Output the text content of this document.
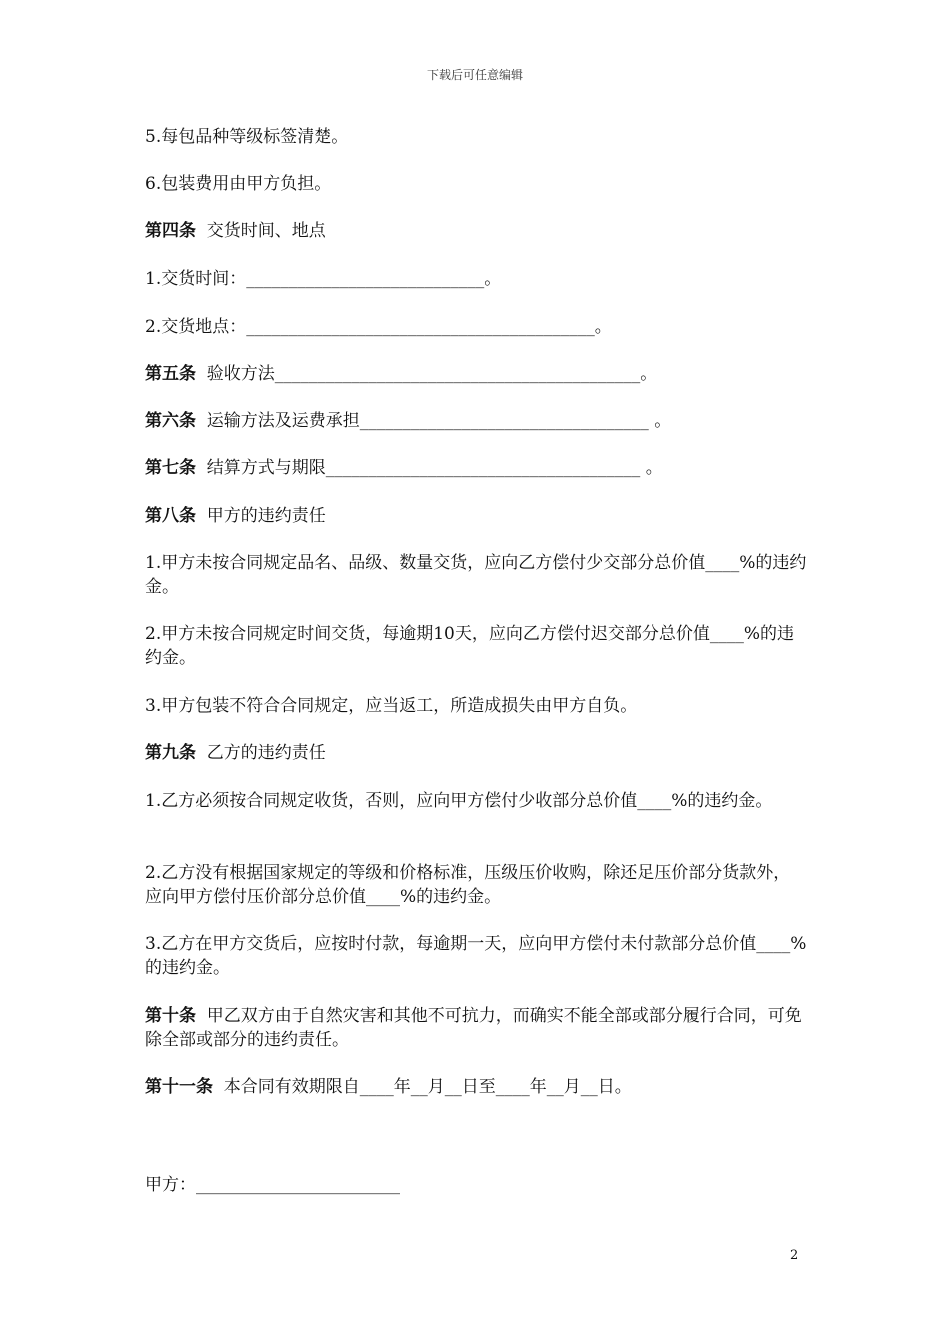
下载后可任意编辑
5.每包品种等级标签清楚。
6.包装费用由甲方负担。
第四条  交货时间、地点
1.交货时间：____________________________。
2.交货地点：_________________________________________。
第五条  验收方法___________________________________________。
第六条  运输方法及运费承担__________________________________ 。
第七条  结算方式与期限_____________________________________ 。
第八条  甲方的违约责任
1.甲方未按合同规定品名、品级、数量交货，应向乙方偿付少交部分总价值____%的违约金。
2.甲方未按合同规定时间交货，每逾期10天，应向乙方偿付迟交部分总价值____%的违约金。
3.甲方包装不符合合同规定，应当返工，所造成损失由甲方自负。
第九条  乙方的违约责任
1.乙方必须按合同规定收货，否则，应向甲方偿付少收部分总价值____%的违约金。
2.乙方没有根据国家规定的等级和价格标准，压级压价收购，除还足压价部分货款外，应向甲方偿付压价部分总价值____%的违约金。
3.乙方在甲方交货后，应按时付款，每逾期一天，应向甲方偿付未付款部分总价值____%的违约金。
第十条  甲乙双方由于自然灾害和其他不可抗力，而确实不能全部或部分履行合同，可免除全部或部分的违约责任。
第十一条  本合同有效期限自____年__月__日至____年__月__日。
甲方：________________________
2
